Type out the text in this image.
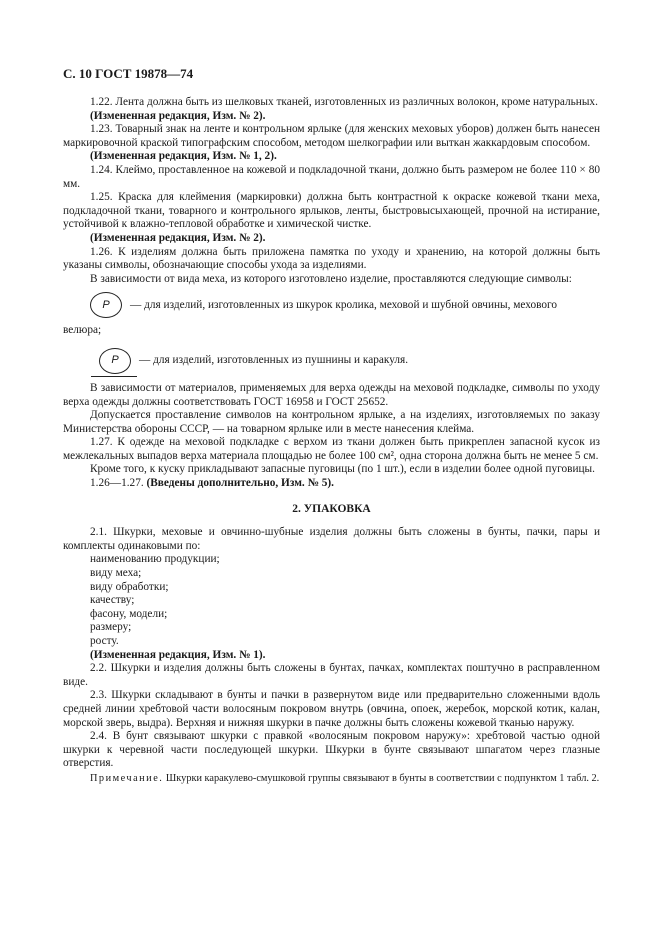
С. 10 ГОСТ 19878—74

1.22. Лента должна быть из шелковых тканей, изготовленных из различных волокон, кроме натуральных.

(Измененная редакция, Изм. № 2).

1.23. Товарный знак на ленте и контрольном ярлыке (для женских меховых уборов) должен быть нанесен маркировочной краской типографским способом, методом шелкографии или выткан жаккардовым способом.

(Измененная редакция, Изм. № 1, 2).

1.24. Клеймо, проставленное на кожевой и подкладочной ткани, должно быть размером не более 110 × 80 мм.

1.25. Краска для клеймения (маркировки) должна быть контрастной к окраске кожевой ткани меха, подкладочной ткани, товарного и контрольного ярлыков, ленты, быстровысыхающей, прочной на истирание, устойчивой к влажно-тепловой обработке и химической чистке.

(Измененная редакция, Изм. № 2).

1.26. К изделиям должна быть приложена памятка по уходу и хранению, на которой должны быть указаны символы, обозначающие способы ухода за изделиями.

В зависимости от вида меха, из которого изготовлено изделие, проставляются следующие символы:

P	— для изделий, изготовленных из шкурок кролика, меховой и шубной овчины, мехового

велюра;

P	— для изделий, изготовленных из пушнины и каракуля.

В зависимости от материалов, применяемых для верха одежды на меховой подкладке, символы по уходу верха одежды должны соответствовать ГОСТ 16958 и ГОСТ 25652.

Допускается проставление символов на контрольном ярлыке, а на изделиях, изготовляемых по заказу Министерства обороны СССР, — на товарном ярлыке или в месте нанесения клейма.

1.27. К одежде на меховой подкладке с верхом из ткани должен быть прикреплен запасной кусок из межлекальных выпадов верха материала площадью не более 100 см², одна сторона должна быть не менее 5 см.

Кроме того, к куску прикладывают запасные пуговицы (по 1 шт.), если в изделии более одной пуговицы.

1.26—1.27. (Введены дополнительно, Изм. № 5).

2. УПАКОВКА

2.1. Шкурки, меховые и овчинно-шубные изделия должны быть сложены в бунты, пачки, пары и комплекты одинаковыми по:

наименованию продукции;

виду меха;

виду обработки;

качеству;

фасону, модели;

размеру;

росту.

(Измененная редакция, Изм. № 1).

2.2. Шкурки и изделия должны быть сложены в бунтах, пачках, комплектах поштучно в расправленном виде.

2.3. Шкурки складывают в бунты и пачки в развернутом виде или предварительно сложенными вдоль средней линии хребтовой части волосяным покровом внутрь (овчина, опоек, жеребок, морской котик, калан, морской зверь, выдра). Верхняя и нижняя шкурки в пачке должны быть сложены кожевой тканью наружу.

2.4. В бунт связывают шкурки с правкой «волосяным покровом наружу»: хребтовой частью одной шкурки к черевной части последующей шкурки. Шкурки в бунте связывают шпагатом через глазные отверстия.

Примечание. Шкурки каракулево-смушковой группы связывают в бунты в соответствии с подпунктом 1 табл. 2.
